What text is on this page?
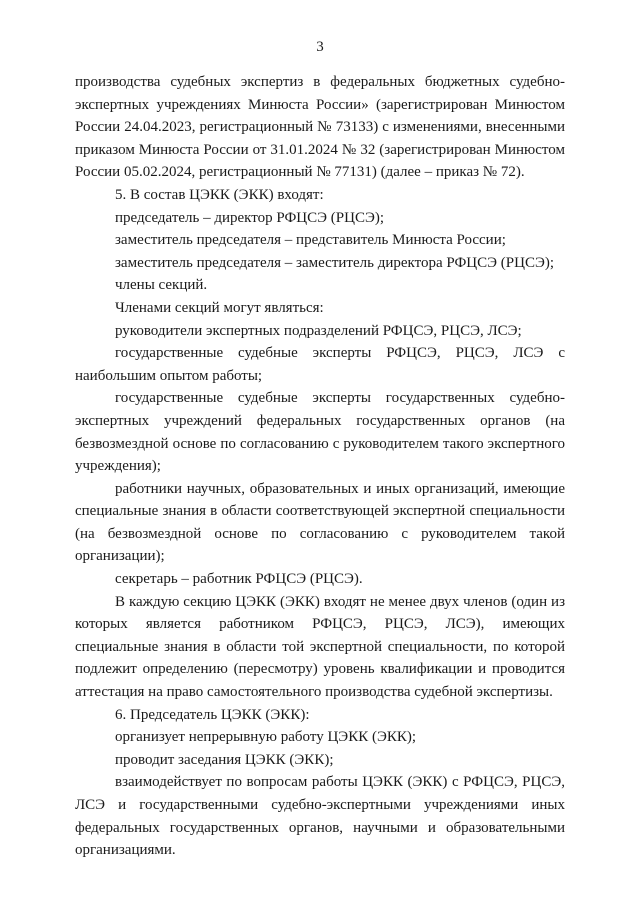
3

производства судебных экспертиз в федеральных бюджетных судебно-экспертных учреждениях Минюста России» (зарегистрирован Минюстом России 24.04.2023, регистрационный № 73133) с изменениями, внесенными приказом Минюста России от 31.01.2024 № 32 (зарегистрирован Минюстом России 05.02.2024, регистрационный № 77131) (далее – приказ № 72).

5. В состав ЦЭКК (ЭКК) входят:

председатель – директор РФЦСЭ (РЦСЭ);

заместитель председателя – представитель Минюста России;

заместитель председателя – заместитель директора РФЦСЭ (РЦСЭ);

члены секций.

Членами секций могут являться:

руководители экспертных подразделений РФЦСЭ, РЦСЭ, ЛСЭ;

государственные судебные эксперты РФЦСЭ, РЦСЭ, ЛСЭ с наибольшим опытом работы;

государственные судебные эксперты государственных судебно-экспертных учреждений федеральных государственных органов (на безвозмездной основе по согласованию с руководителем такого экспертного учреждения);

работники научных, образовательных и иных организаций, имеющие специальные знания в области соответствующей экспертной специальности (на безвозмездной основе по согласованию с руководителем такой организации);

секретарь – работник РФЦСЭ (РЦСЭ).

В каждую секцию ЦЭКК (ЭКК) входят не менее двух членов (один из которых является работником РФЦСЭ, РЦСЭ, ЛСЭ), имеющих специальные знания в области той экспертной специальности, по которой подлежит определению (пересмотру) уровень квалификации и проводится аттестация на право самостоятельного производства судебной экспертизы.

6. Председатель ЦЭКК (ЭКК):

организует непрерывную работу ЦЭКК (ЭКК);

проводит заседания ЦЭКК (ЭКК);

взаимодействует по вопросам работы ЦЭКК (ЭКК) с РФЦСЭ, РЦСЭ, ЛСЭ и государственными судебно-экспертными учреждениями иных федеральных государственных органов, научными и образовательными организациями.
